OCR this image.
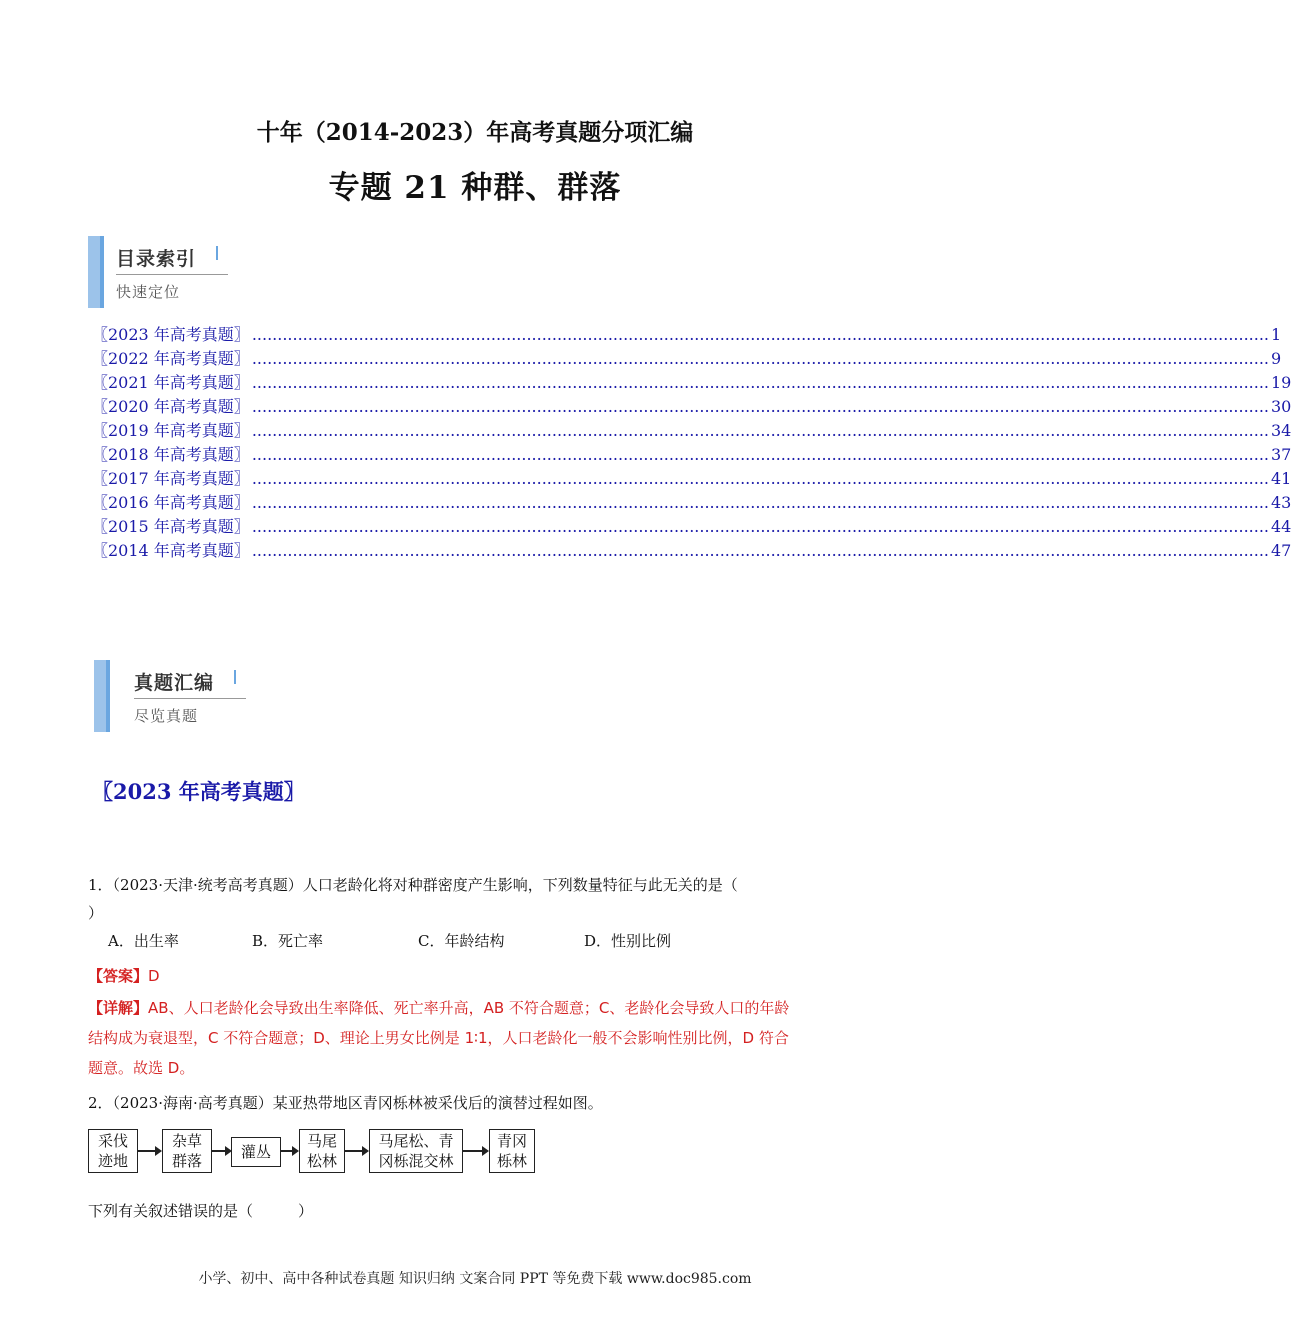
十年（2014-2023）年高考真题分项汇编
专题 21 种群、群落
目录索引
快速定位
〖2023 年高考真题〗 ........................................................................................................................................................................................................ 1
〖2022 年高考真题〗 ........................................................................................................................................................................................................ 9
〖2021 年高考真题〗 ........................................................................................................................................................................................................ 19
〖2020 年高考真题〗 ........................................................................................................................................................................................................ 30
〖2019 年高考真题〗 ........................................................................................................................................................................................................ 34
〖2018 年高考真题〗 ........................................................................................................................................................................................................ 37
〖2017 年高考真题〗 ........................................................................................................................................................................................................ 41
〖2016 年高考真题〗 ........................................................................................................................................................................................................ 43
〖2015 年高考真题〗 ........................................................................................................................................................................................................ 44
〖2014 年高考真题〗 ........................................................................................................................................................................................................ 47
真题汇编
尽览真题
〖2023 年高考真题〗
1．（2023·天津·统考高考真题）人口老龄化将对种群密度产生影响，下列数量特征与此无关的是（
）
A．出生率	B．死亡率	C．年龄结构	D．性别比例
【答案】D
【详解】AB、人口老龄化会导致出生率降低、死亡率升高，AB 不符合题意；C、老龄化会导致人口的年龄
结构成为衰退型，C 不符合题意；D、理论上男女比例是 1∶1，人口老龄化一般不会影响性别比例，D 符合
题意。故选 D。
2．（2023·海南·高考真题）某亚热带地区青冈栎林被采伐后的演替过程如图。
采伐
迹地
杂草
群落	灌丛
马尾
松林
马尾松、青
冈栎混交林
青冈
栎林
下列有关叙述错误的是（　　　）
小学、初中、高中各种试卷真题 知识归纳 文案合同 PPT 等免费下载 www.doc985.com
